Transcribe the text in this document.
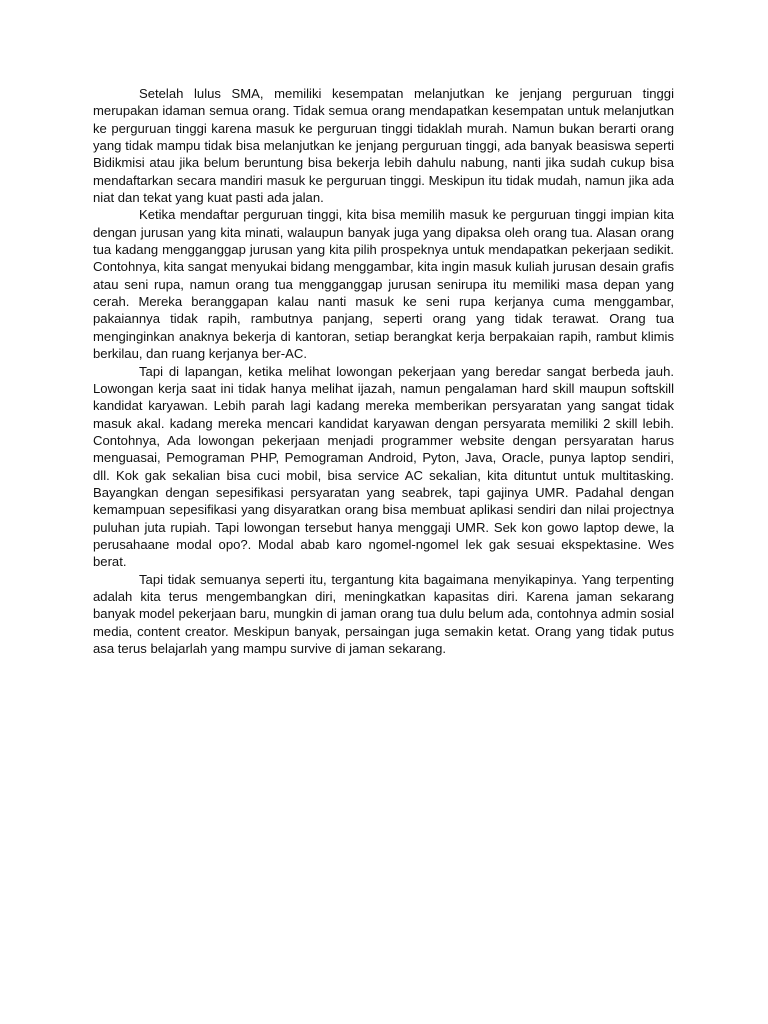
Setelah lulus SMA, memiliki kesempatan melanjutkan ke jenjang perguruan tinggi merupakan idaman semua orang. Tidak semua orang mendapatkan kesempatan untuk melanjutkan ke perguruan tinggi karena masuk ke perguruan tinggi tidaklah murah. Namun bukan berarti orang yang tidak mampu tidak bisa melanjutkan ke jenjang perguruan tinggi, ada banyak beasiswa seperti Bidikmisi atau jika belum beruntung bisa bekerja lebih dahulu nabung, nanti jika sudah cukup bisa mendaftarkan secara mandiri masuk ke perguruan tinggi. Meskipun itu tidak mudah, namun jika ada niat dan tekat yang kuat pasti ada jalan.

Ketika mendaftar perguruan tinggi, kita bisa memilih masuk ke perguruan tinggi impian kita dengan jurusan yang kita minati, walaupun banyak juga yang dipaksa oleh orang tua. Alasan orang tua kadang mengganggap jurusan yang kita pilih prospeknya untuk mendapatkan pekerjaan sedikit. Contohnya, kita sangat menyukai bidang menggambar, kita ingin masuk kuliah jurusan desain grafis atau seni rupa, namun orang tua mengganggap jurusan senirupa itu memiliki masa depan yang cerah. Mereka beranggapan kalau nanti masuk ke seni rupa kerjanya cuma menggambar, pakaiannya tidak rapih, rambutnya panjang, seperti orang yang tidak terawat. Orang tua menginginkan anaknya bekerja di kantoran, setiap berangkat kerja berpakaian rapih, rambut klimis berkilau, dan ruang kerjanya ber-AC.

Tapi di lapangan, ketika melihat lowongan pekerjaan yang beredar sangat berbeda jauh. Lowongan kerja saat ini tidak hanya melihat ijazah, namun pengalaman hard skill maupun softskill kandidat karyawan. Lebih parah lagi kadang mereka memberikan persyaratan yang sangat tidak masuk akal. kadang mereka mencari kandidat karyawan dengan persyarata memiliki 2 skill lebih. Contohnya, Ada lowongan pekerjaan menjadi programmer website dengan persyaratan harus menguasai, Pemograman PHP, Pemograman Android, Pyton, Java, Oracle, punya laptop sendiri, dll. Kok gak sekalian bisa cuci mobil, bisa service AC sekalian, kita dituntut untuk multitasking. Bayangkan dengan sepesifikasi persyaratan yang seabrek, tapi gajinya UMR. Padahal dengan kemampuan sepesifikasi yang disyaratkan orang bisa membuat aplikasi sendiri dan nilai projectnya puluhan juta rupiah. Tapi lowongan tersebut hanya menggaji UMR. Sek kon gowo laptop dewe, la perusahaane modal opo?. Modal abab karo ngomel-ngomel lek gak sesuai ekspektasine. Wes berat.

Tapi tidak semuanya seperti itu, tergantung kita bagaimana menyikapinya. Yang terpenting adalah kita terus mengembangkan diri, meningkatkan kapasitas diri. Karena jaman sekarang banyak model pekerjaan baru, mungkin di jaman orang tua dulu belum ada, contohnya admin sosial media, content creator. Meskipun banyak, persaingan juga semakin ketat. Orang yang tidak putus asa terus belajarlah yang mampu survive di jaman sekarang.
